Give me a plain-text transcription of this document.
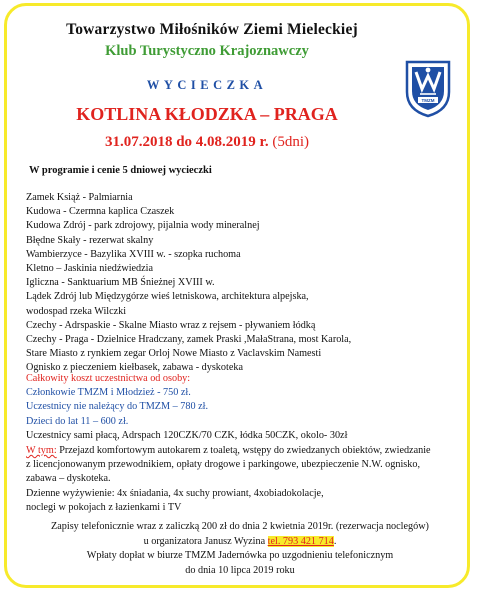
Towarzystwo Miłośników Ziemi Mieleckiej
Klub Turystyczno Krajoznawczy
WYCIECZKA
KOTLINA KŁODZKA – PRAGA
31.07.2018 do 4.08.2019 r. (5dni)
TMZM
W programie i cenie 5 dniowej wycieczki
Zamek Książ - Palmiarnia
Kudowa - Czermna kaplica Czaszek
Kudowa Zdrój - park zdrojowy, pijalnia wody mineralnej
Błędne Skały - rezerwat skalny
Wambierzyce - Bazylika XVIII w. - szopka ruchoma
Kletno – Jaskinia niedźwiedzia
Igliczna - Sanktuarium MB Śnieżnej XVIII w.
Lądek Zdrój lub Międzygórze wieś letniskowa, architektura alpejska,
wodospad rzeka Wilczki
Czechy - Adrspaskie - Skalne Miasto wraz z rejsem - pływaniem łódką
Czechy - Praga - Dzielnice Hradczany, zamek Praski ,MałaStrana, most Karola,
Stare Miasto z rynkiem zegar Orloj Nowe Miasto z Vaclavskim Namesti
Ognisko z pieczeniem kiełbasek, zabawa - dyskoteka
Całkowity koszt uczestnictwa od osoby:
Członkowie TMZM i Młodzież - 750 zł.
Uczestnicy nie należący do TMZM – 780 zł.
Dzieci do lat 11 – 600 zł.
Uczestnicy sami płacą, Adrspach 120CZK/70 CZK, łódka 50CZK, okolo- 30zł
W tym: Przejazd komfortowym autokarem z toaletą, wstępy do zwiedzanych obiektów, zwiedzanie
z licencjonowanym przewodnikiem, opłaty drogowe i parkingowe, ubezpieczenie N.W. ognisko,
zabawa – dyskoteka.
Dzienne wyżywienie: 4x śniadania, 4x suchy prowiant, 4xobiadokolacje,
noclegi w pokojach z łazienkami i TV
Zapisy telefonicznie wraz z zaliczką 200 zł do dnia 2 kwietnia 2019r. (rezerwacja noclegów)
u organizatora Janusz Wyzina tel. 793 421 714.
Wpłaty dopłat w biurze TMZM Jadernówka po uzgodnieniu telefonicznym
do dnia 10 lipca 2019 roku
